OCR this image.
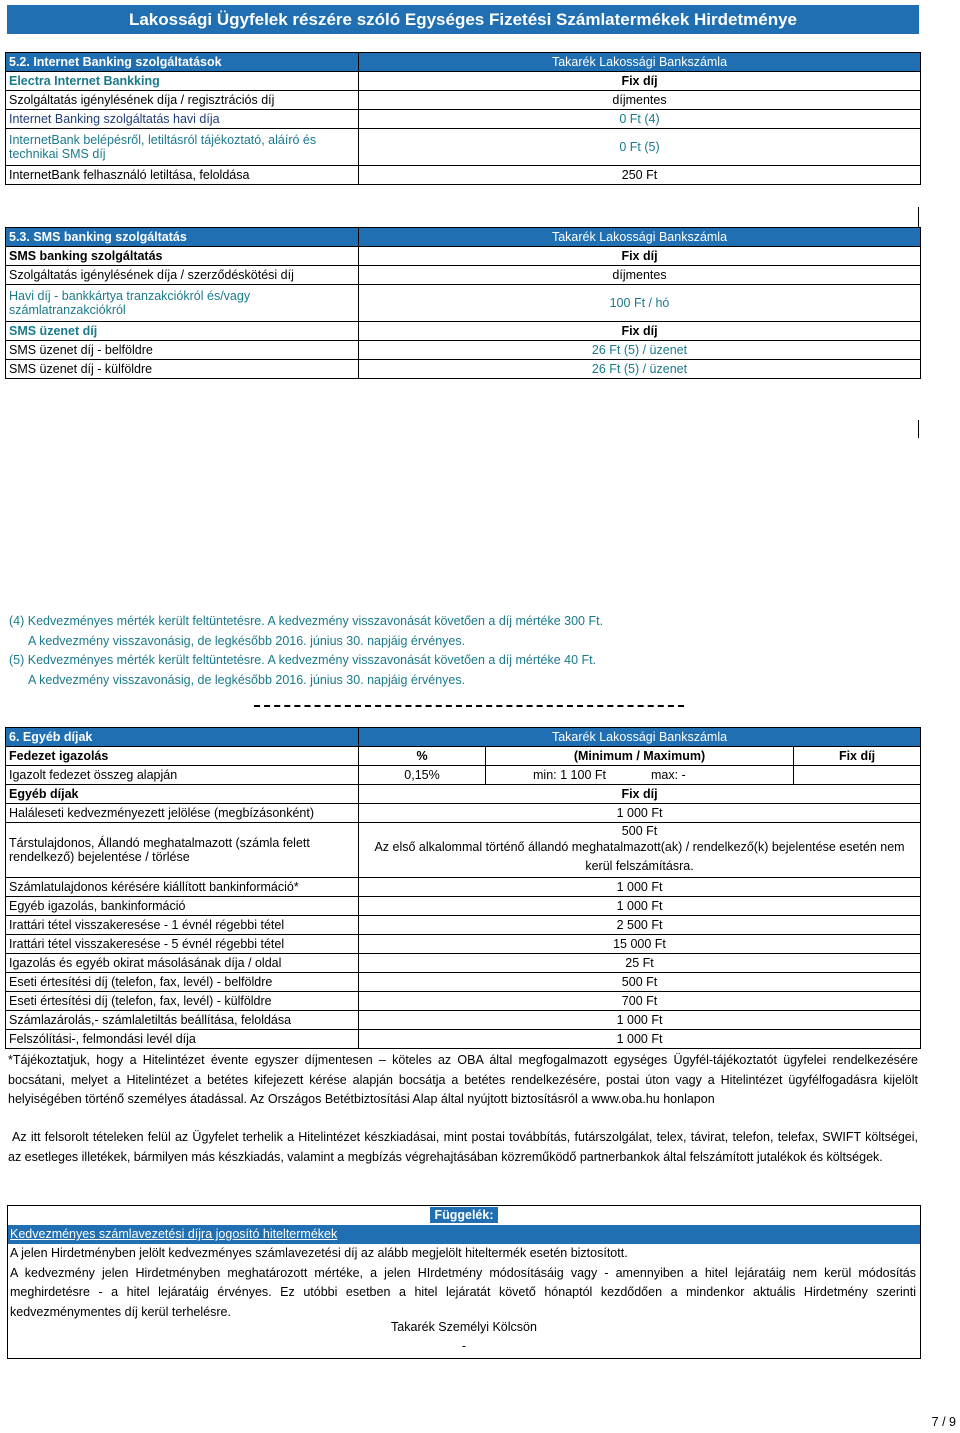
Lakossági Ügyfelek részére szóló Egységes Fizetési Számlatermékek Hirdetménye
5.2. Internet Banking szolgáltatások	Takarék Lakossági Bankszámla
Electra Internet Bankking	Fix díj
Szolgáltatás igénylésének díja / regisztrációs díj	díjmentes
Internet Banking szolgáltatás havi díja	0 Ft (4)
InternetBank belépésről, letiltásról tájékoztató, aláíró és technikai SMS díj	0 Ft (5)
InternetBank felhasználó letiltása, feloldása	250 Ft
5.3. SMS banking szolgáltatás	Takarék Lakossági Bankszámla
SMS banking szolgáltatás	Fix díj
Szolgáltatás igénylésének díja / szerződéskötési díj	díjmentes
Havi díj - bankkártya tranzakciókról és/vagy számlatranzakciókról	100 Ft / hó
SMS üzenet díj	Fix díj
SMS üzenet díj - belföldre	26 Ft (5) / üzenet
SMS üzenet díj - külföldre	26 Ft (5) / üzenet
(4) Kedvezményes mérték került feltüntetésre. A kedvezmény visszavonását követően a díj mértéke 300 Ft.
A kedvezmény visszavonásig, de legkésőbb 2016. június 30. napjáig érvényes.
(5) Kedvezményes mérték került feltüntetésre. A kedvezmény visszavonását követően a díj mértéke 40 Ft.
A kedvezmény visszavonásig, de legkésőbb 2016. június 30. napjáig érvényes.
6. Egyéb díjak	Takarék Lakossági Bankszámla		
Fedezet igazolás	%	(Minimum / Maximum)	Fix díj
Igazolt fedezet összeg alapján	0,15%	min: 1 100 Ft max: -	

Egyéb díjak	Fix díj		
Haláleseti kedvezményezett jelölése (megbízásonként)	1 000 Ft		
Társtulajdonos, Állandó meghatalmazott (számla felett rendelkező) bejelentése / törlése	500 Ft
Az első alkalommal történő állandó meghatalmazott(ak) / rendelkező(k) bejelentése esetén nem kerül felszámításra.		

Számlatulajdonos kérésére kiállított bankinformáció*	1 000 Ft		
Egyéb igazolás, bankinformáció	1 000 Ft		
Irattári tétel visszakeresése - 1 évnél régebbi tétel	2 500 Ft		
Irattári tétel visszakeresése - 5 évnél régebbi tétel	15 000 Ft		
Igazolás és egyéb okirat másolásának díja / oldal	25 Ft		
Eseti értesítési díj (telefon, fax, levél) - belföldre	500 Ft		
Eseti értesítési díj (telefon, fax, levél) - külföldre	700 Ft		
Számlazárolás,- számlaletiltás beállítása, feloldása	1 000 Ft		
Felszólítási-, felmondási levél díja	1 000 Ft		
*Tájékoztatjuk, hogy a Hitelintézet évente egyszer díjmentesen – köteles az OBA által megfogalmazott egységes Ügyfél-tájékoztatót ügyfelei rendelkezésére bocsátani, melyet a Hitelintézet a betétes kifejezett kérése alapján bocsátja a betétes rendelkezésére, postai úton vagy a Hitelintézet ügyfélfogadásra kijelölt helyiségében történő személyes átadással. Az Országos Betétbiztosítási Alap által nyújtott biztosításról a www.oba.hu honlapon
Az itt felsorolt tételeken felül az Ügyfelet terhelik a Hitelintézet készkiadásai, mint postai továbbítás, futárszolgálat, telex, távirat, telefon, telefax, SWIFT költségei, az esetleges illetékek, bármilyen más készkiadás, valamint a megbízás végrehajtásában közreműködő partnerbankok által felszámított jutalékok és költségek.
Függelék:
Kedvezményes számlavezetési díjra jogosító hiteltermékek
A jelen Hirdetményben jelölt kedvezményes számlavezetési díj az alább megjelölt hiteltermék esetén biztosított.
A kedvezmény jelen Hirdetményben meghatározott mértéke, a jelen HIrdetmény módosításáig vagy - amennyiben a hitel lejáratáig nem kerül módosítás meghirdetésre - a hitel lejáratáig érvényes. Ez utóbbi esetben a hitel lejáratát követő hónaptól kezdődően a mindenkor aktuális Hirdetmény szerinti kedvezménymentes díj kerül terhelésre.
Takarék Személyi Kölcsön
-
7 / 9
